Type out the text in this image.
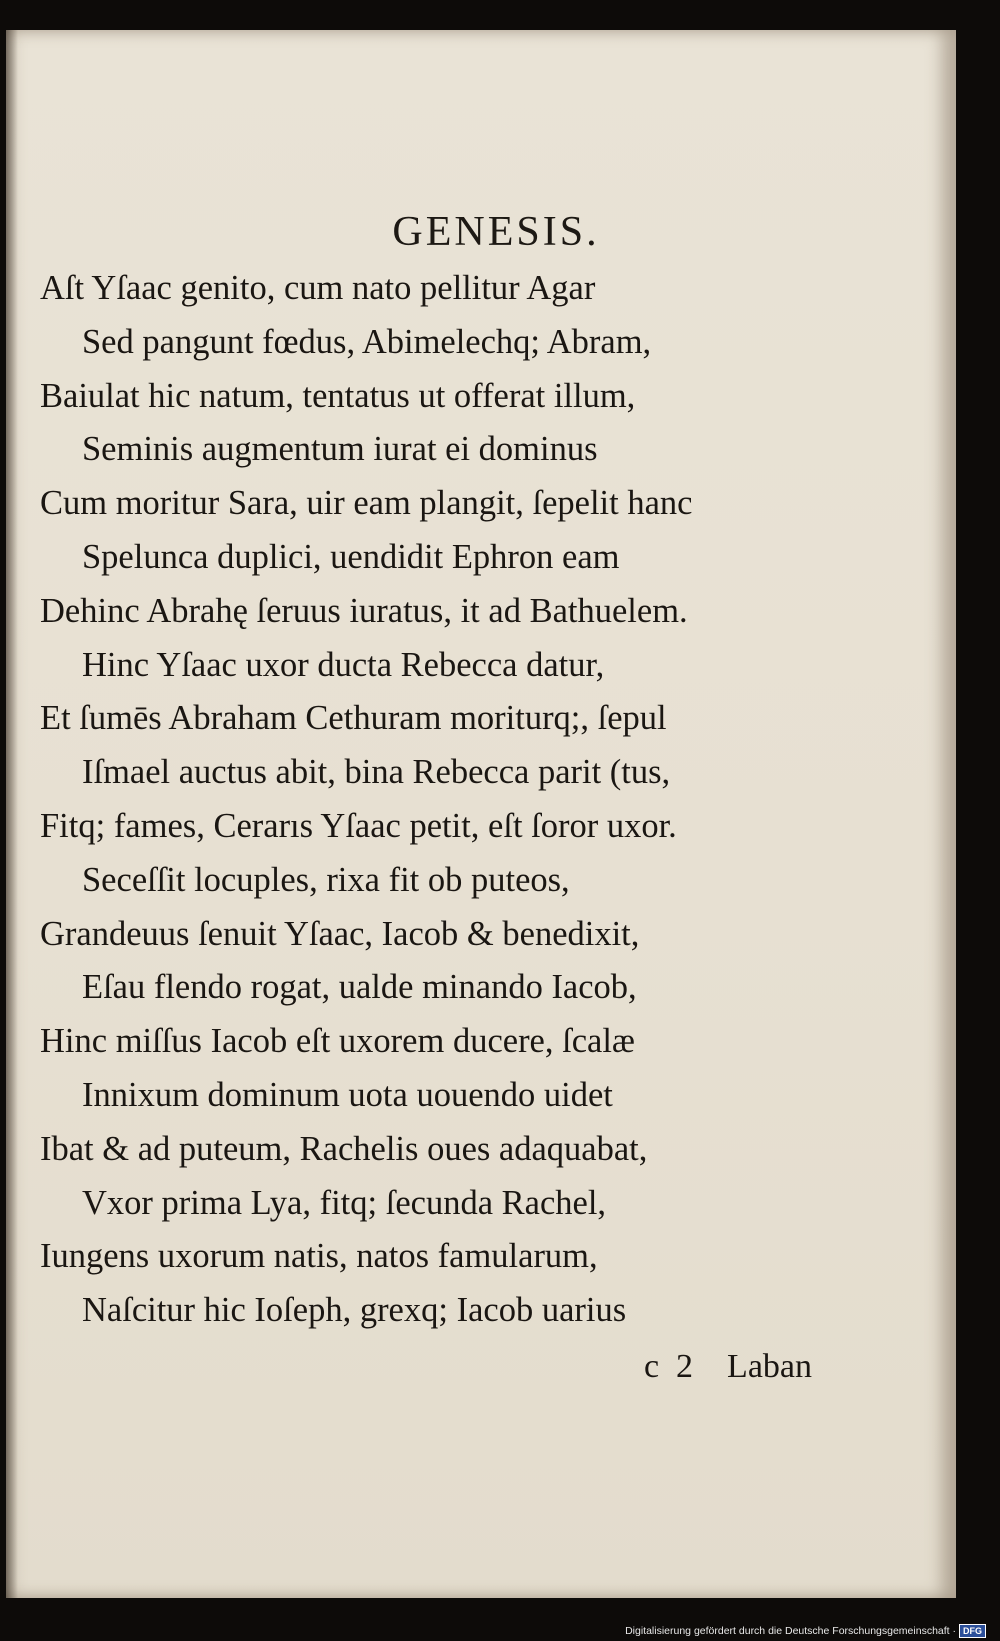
GENESIS.
Aſt Yſaac genito, cum nato pellitur Agar
Sed pangunt fœdus, Abimelechq; Abram,
Baiulat hic natum, tentatus ut offerat illum,
Seminis augmentum iurat ei dominus
Cum moritur Sara, uir eam plangit, ſepelit hanc
Spelunca duplici, uendidit Ephron eam
Dehinc Abrahę ſeruus iuratus, it ad Bathuelem.
Hinc Yſaac uxor ducta Rebecca datur,
Et ſumēs Abraham Cethuram moriturq;, ſepul
Iſmael auctus abit, bina Rebecca parit (tus,
Fitq; fames, Cerarıs Yſaac petit, eſt ſoror uxor.
Seceſſit locuples, rixa fit ob puteos,
Grandeuus ſenuit Yſaac, Iacob & benedixit,
Eſau flendo rogat, ualde minando Iacob,
Hinc miſſus Iacob eſt uxorem ducere, ſcalæ
Innixum dominum uota uouendo uidet
Ibat & ad puteum, Rachelis oues adaquabat,
Vxor prima Lya, fitq; ſecunda Rachel,
Iungens uxorum natis, natos famularum,
Naſcitur hic Ioſeph, grexq; Iacob uarius
c  2    Laban
Digitalisierung gefördert durch die Deutsche Forschungsgemeinschaft · DFG
